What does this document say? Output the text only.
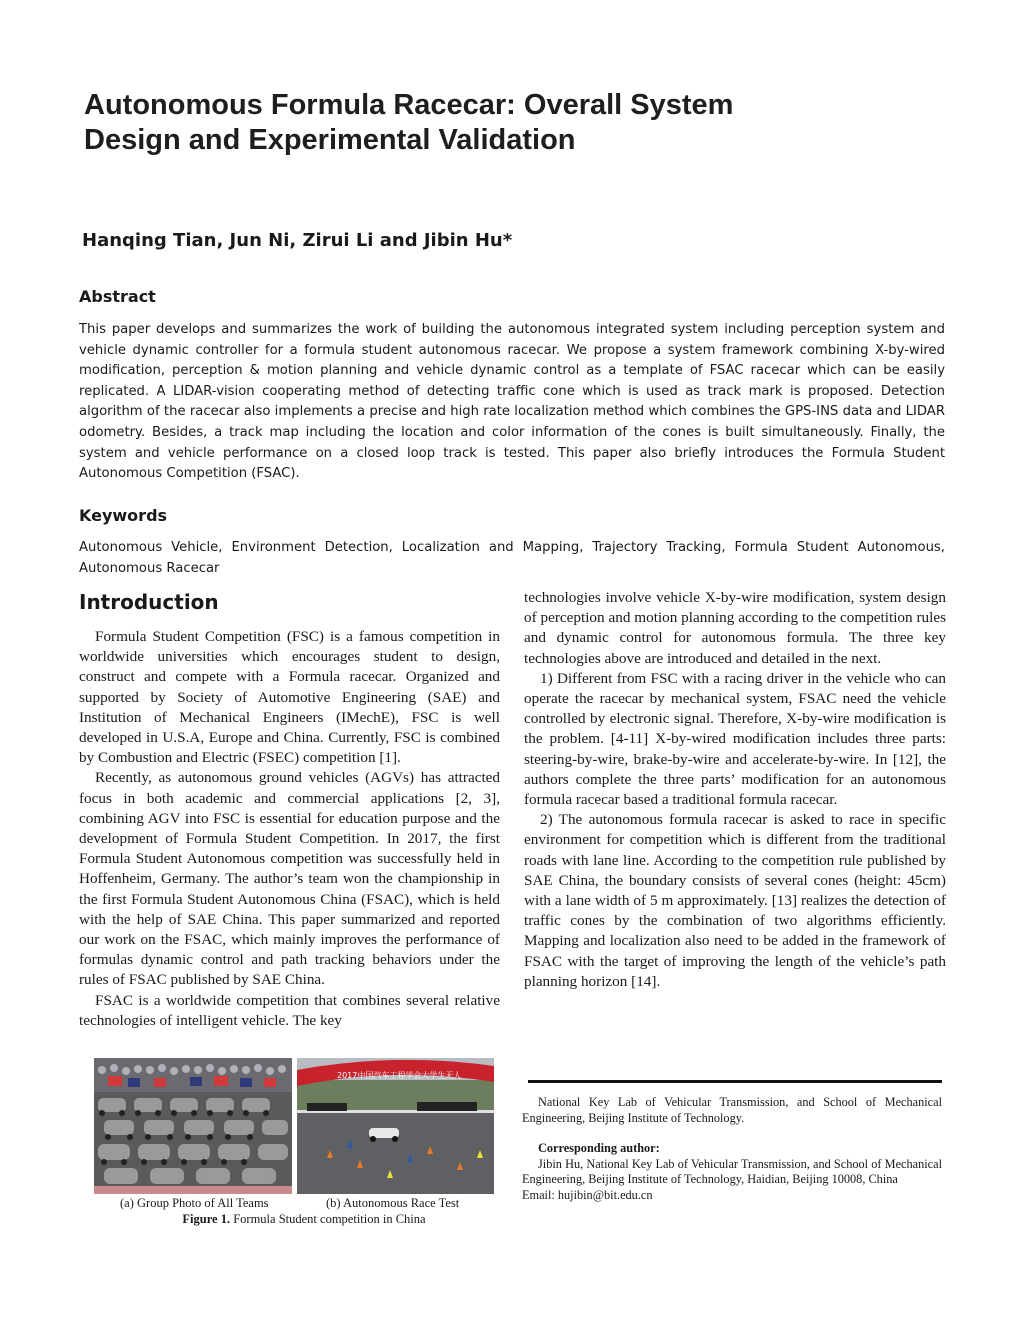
Autonomous Formula Racecar: Overall System
Design and Experimental Validation
Hanqing Tian, Jun Ni, Zirui Li and Jibin Hu*
Abstract

This paper develops and summarizes the work of building the autonomous integrated system including perception system and vehicle dynamic controller for a formula student autonomous racecar. We propose a system framework combining X-by-wired modification, perception & motion planning and vehicle dynamic control as a template of FSAC racecar which can be easily replicated. A LIDAR-vision cooperating method of detecting traffic cone which is used as track mark is proposed. Detection algorithm of the racecar also implements a precise and high rate localization method which combines the GPS-INS data and LIDAR odometry. Besides, a track map including the location and color information of the cones is built simultaneously. Finally, the system and vehicle performance on a closed loop track is tested. This paper also briefly introduces the Formula Student Autonomous Competition (FSAC).

Keywords

Autonomous Vehicle, Environment Detection, Localization and Mapping, Trajectory Tracking, Formula Student Autonomous, Autonomous Racecar

Introduction

Formula Student Competition (FSC) is a famous competition in worldwide universities which encourages student to design, construct and compete with a Formula racecar. Organized and supported by Society of Automotive Engineering (SAE) and Institution of Mechanical Engineers (IMechE), FSC is well developed in U.S.A, Europe and China. Currently, FSC is combined by Combustion and Electric (FSEC) competition [1].

Recently, as autonomous ground vehicles (AGVs) has attracted focus in both academic and commercial applications [2, 3], combining AGV into FSC is essential for education purpose and the development of Formula Student Competition. In 2017, the first Formula Student Autonomous competition was successfully held in Hoffenheim, Germany. The author’s team won the championship in the first Formula Student Autonomous China (FSAC), which is held with the help of SAE China. This paper summarized and reported our work on the FSAC, which mainly improves the performance of formulas dynamic control and path tracking behaviors under the rules of FSAC published by SAE China.

FSAC is a worldwide competition that combines several relative technologies of intelligent vehicle. The key

technologies involve vehicle X-by-wire modification, system design of perception and motion planning according to the competition rules and dynamic control for autonomous formula. The three key technologies above are introduced and detailed in the next.

1) Different from FSC with a racing driver in the vehicle who can operate the racecar by mechanical system, FSAC need the vehicle controlled by electronic signal. Therefore, X-by-wire modification is the problem. [4-11] X-by-wired modification includes three parts: steering-by-wire, brake-by-wire and accelerate-by-wire. In [12], the authors complete the three parts’ modification for an autonomous formula racecar based a traditional formula racecar.

2) The autonomous formula racecar is asked to race in specific environment for competition which is different from the traditional roads with lane line. According to the competition rule published by SAE China, the boundary consists of several cones (height: 45cm) with a lane width of 5 m approximately. [13] realizes the detection of traffic cones by the combination of two algorithms efficiently. Mapping and localization also need to be added in the framework of FSAC with the target of improving the length of the vehicle’s path planning horizon [14].

2017中国汽车工程学会大学生无人
(a) Group Photo of All Teams	(b) Autonomous Race Test
Figure 1. Formula Student competition in China

National Key Lab of Vehicular Transmission, and School of Mechanical Engineering, Beijing Institute of Technology.

Corresponding author:
Jibin Hu, National Key Lab of Vehicular Transmission, and School of Mechanical Engineering, Beijing Institute of Technology, Haidian, Beijing 10008, China
Email: hujibin@bit.edu.cn
